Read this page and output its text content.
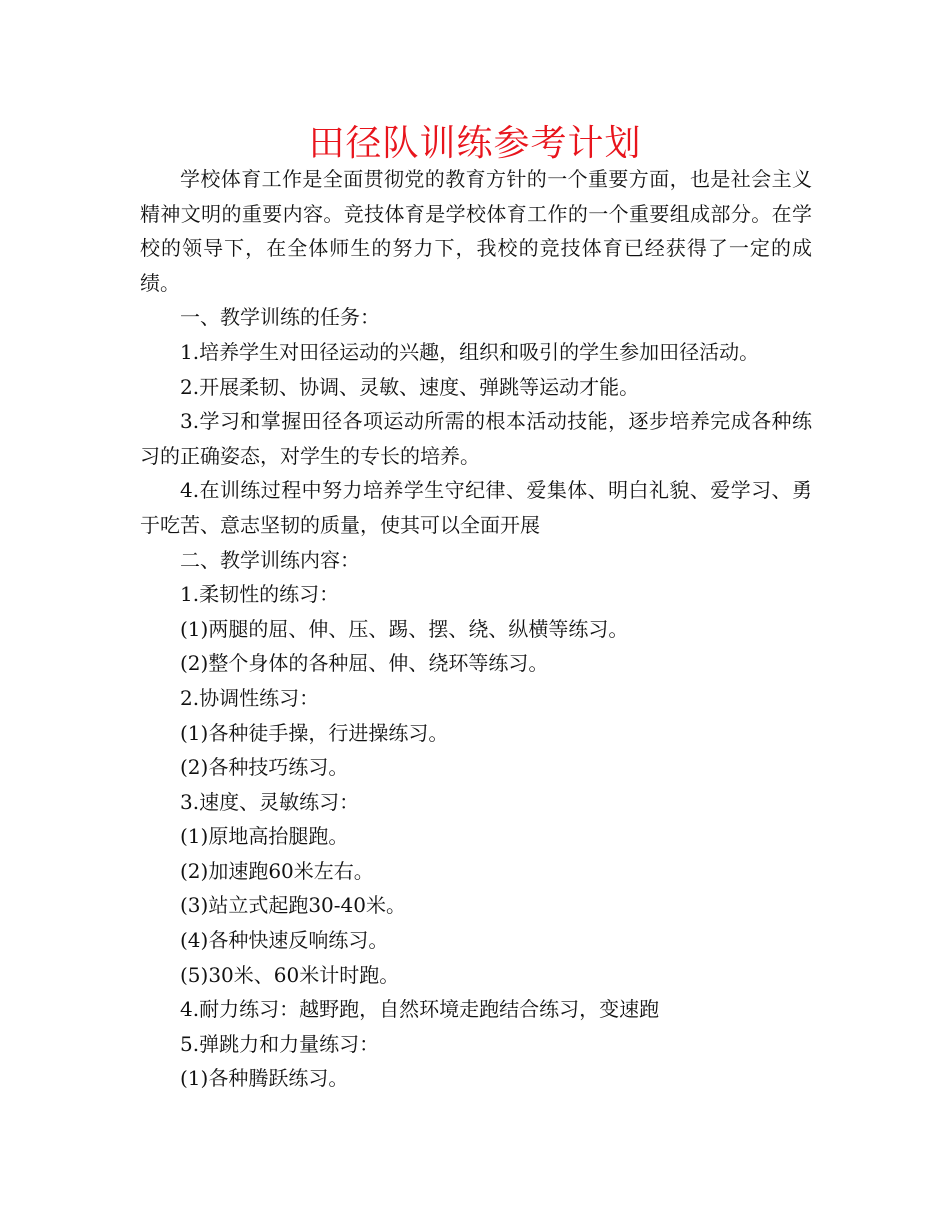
田径队训练参考计划

学校体育工作是全面贯彻党的教育方针的一个重要方面，也是社会主义精神文明的重要内容。竞技体育是学校体育工作的一个重要组成部分。在学校的领导下，在全体师生的努力下，我校的竞技体育已经获得了一定的成绩。

一、教学训练的任务：

1.培养学生对田径运动的兴趣，组织和吸引的学生参加田径活动。

2.开展柔韧、协调、灵敏、速度、弹跳等运动才能。

3.学习和掌握田径各项运动所需的根本活动技能，逐步培养完成各种练习的正确姿态，对学生的专长的培养。

4.在训练过程中努力培养学生守纪律、爱集体、明白礼貌、爱学习、勇于吃苦、意志坚韧的质量，使其可以全面开展

二、教学训练内容：

1.柔韧性的练习：

(1)两腿的屈、伸、压、踢、摆、绕、纵横等练习。

(2)整个身体的各种屈、伸、绕环等练习。

2.协调性练习：

(1)各种徒手操，行进操练习。

(2)各种技巧练习。

3.速度、灵敏练习：

(1)原地高抬腿跑。

(2)加速跑60米左右。

(3)站立式起跑30-40米。

(4)各种快速反响练习。

(5)30米、60米计时跑。

4.耐力练习：越野跑，自然环境走跑结合练习，变速跑

5.弹跳力和力量练习：

(1)各种腾跃练习。
